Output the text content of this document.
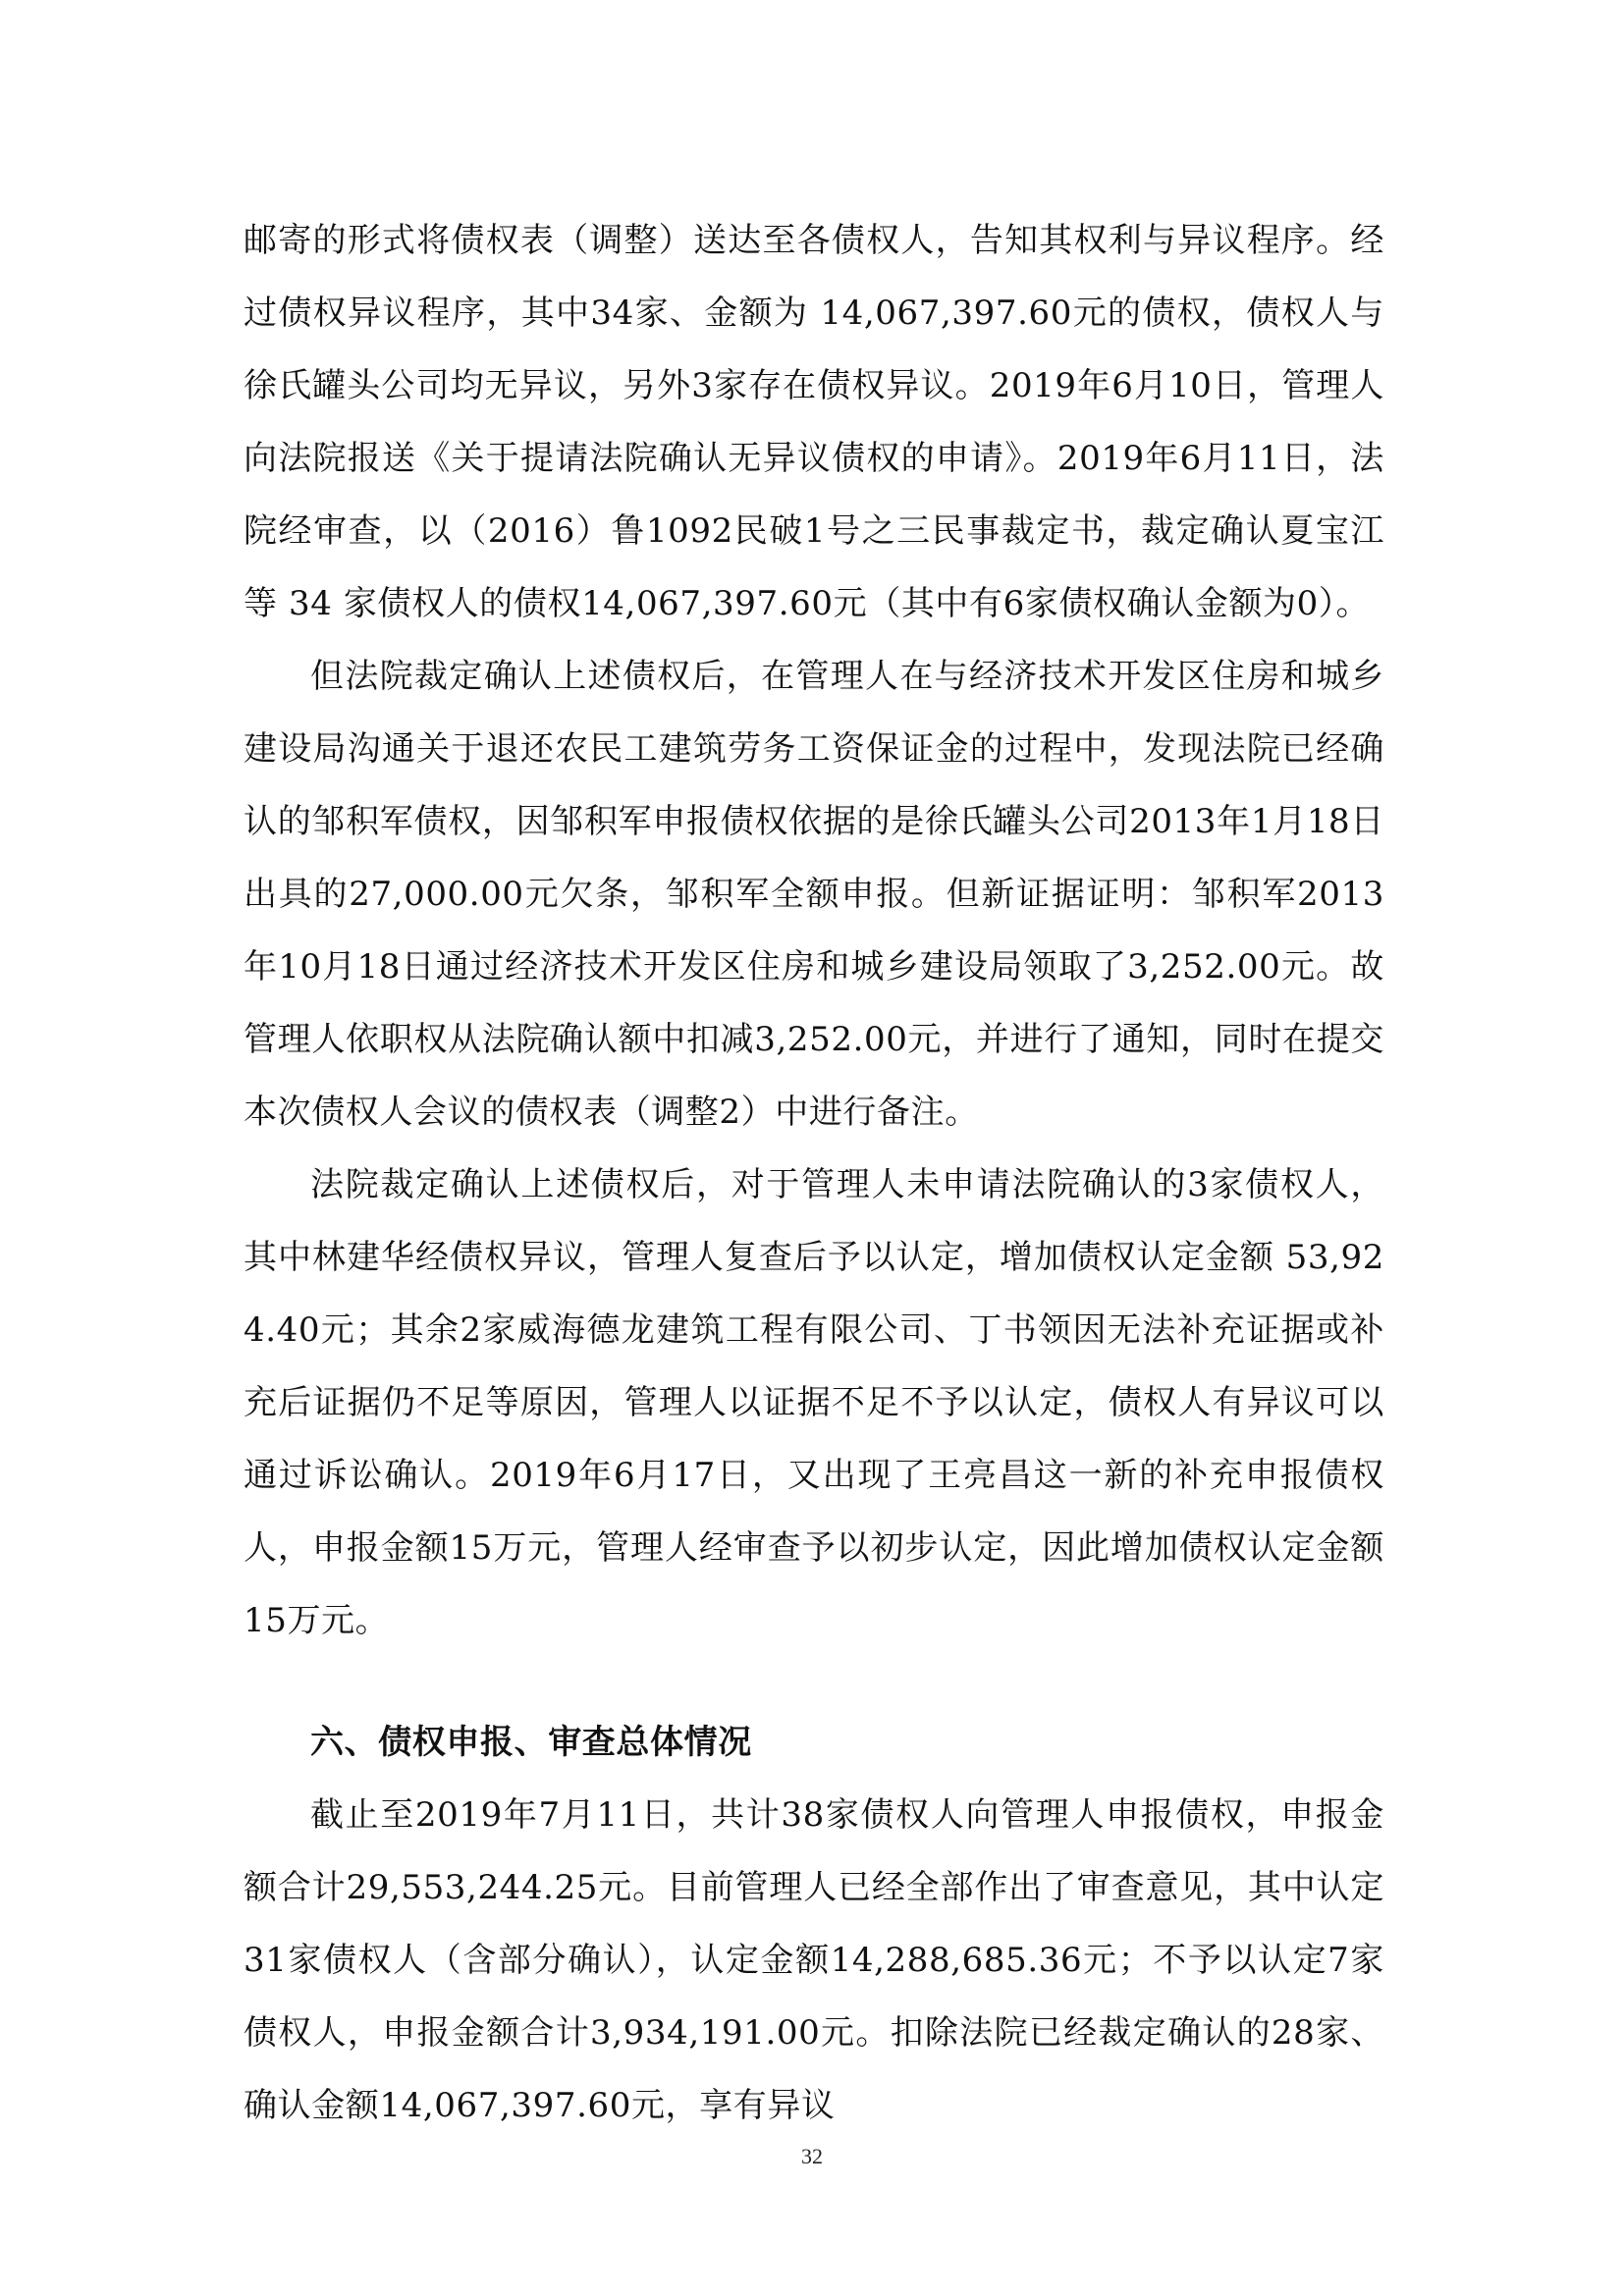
邮寄的形式将债权表（调整）送达至各债权人，告知其权利与异议程序。经过债权异议程序，其中34家、金额为 14,067,397.60元的债权，债权人与徐氏罐头公司均无异议，另外3家存在债权异议。2019年6月10日，管理人向法院报送《关于提请法院确认无异议债权的申请》。2019年6月11日，法院经审查，以（2016）鲁1092民破1号之三民事裁定书，裁定确认夏宝江等 34 家债权人的债权14,067,397.60元（其中有6家债权确认金额为0）。

但法院裁定确认上述债权后，在管理人在与经济技术开发区住房和城乡建设局沟通关于退还农民工建筑劳务工资保证金的过程中，发现法院已经确认的邹积军债权，因邹积军申报债权依据的是徐氏罐头公司2013年1月18日出具的27,000.00元欠条，邹积军全额申报。但新证据证明：邹积军2013年10月18日通过经济技术开发区住房和城乡建设局领取了3,252.00元。故管理人依职权从法院确认额中扣减3,252.00元，并进行了通知，同时在提交本次债权人会议的债权表（调整2）中进行备注。

法院裁定确认上述债权后，对于管理人未申请法院确认的3家债权人，其中林建华经债权异议，管理人复查后予以认定，增加债权认定金额 53,924.40元；其余2家威海德龙建筑工程有限公司、丁书领因无法补充证据或补充后证据仍不足等原因，管理人以证据不足不予以认定，债权人有异议可以通过诉讼确认。2019年6月17日，又出现了王亮昌这一新的补充申报债权人，申报金额15万元，管理人经审查予以初步认定，因此增加债权认定金额 15万元。

六、债权申报、审查总体情况

截止至2019年7月11日，共计38家债权人向管理人申报债权，申报金额合计29,553,244.25元。目前管理人已经全部作出了审查意见，其中认定31家债权人（含部分确认），认定金额14,288,685.36元；不予以认定7家债权人，申报金额合计3,934,191.00元。扣除法院已经裁定确认的28家、确认金额14,067,397.60元，享有异议

32
